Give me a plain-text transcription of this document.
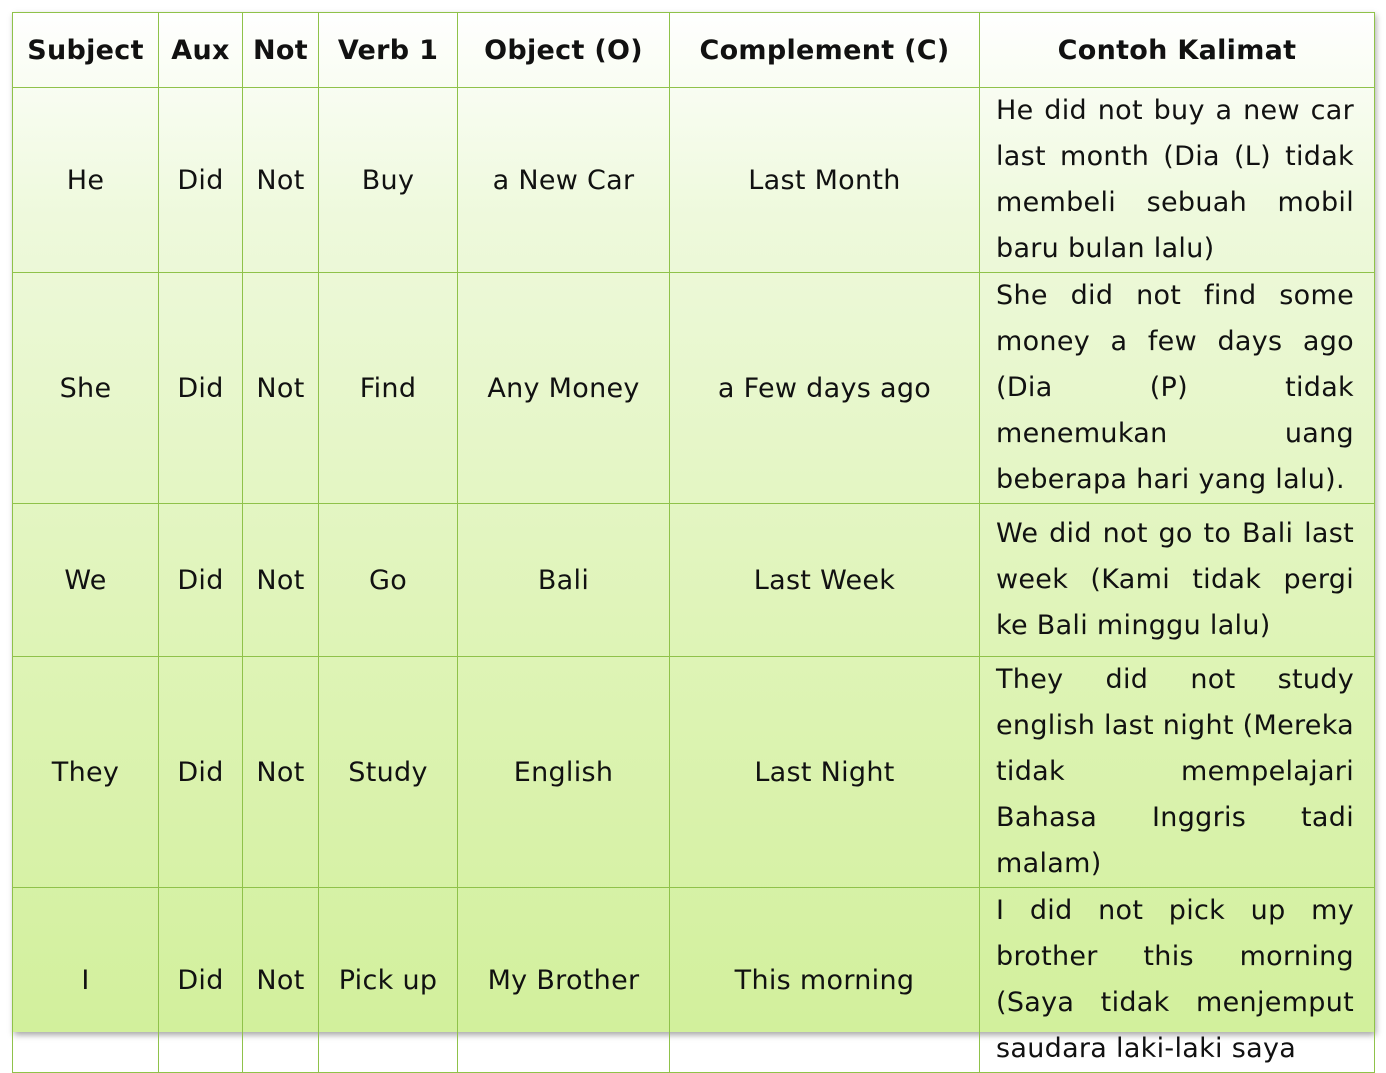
Subject	Aux	Not	Verb 1	Object (O)	Complement (C)	Contoh Kalimat
He	Did	Not	Buy	a New Car	Last Month	He did not buy a new car last month (Dia (L) tidak membeli sebuah mobil baru bulan lalu)
She	Did	Not	Find	Any Money	a Few days ago	She did not find some money a few days ago (Dia (P) tidak menemukan uang beberapa hari yang lalu).
We	Did	Not	Go	Bali	Last Week	We did not go to Bali last week (Kami tidak pergi ke Bali minggu lalu)
They	Did	Not	Study	English	Last Night	They did not study english last night (Mereka tidak mempelajari Bahasa Inggris tadi malam)
I	Did	Not	Pick up	My Brother	This morning	I did not pick up my brother this morning (Saya tidak menjemput saudara laki-laki saya
